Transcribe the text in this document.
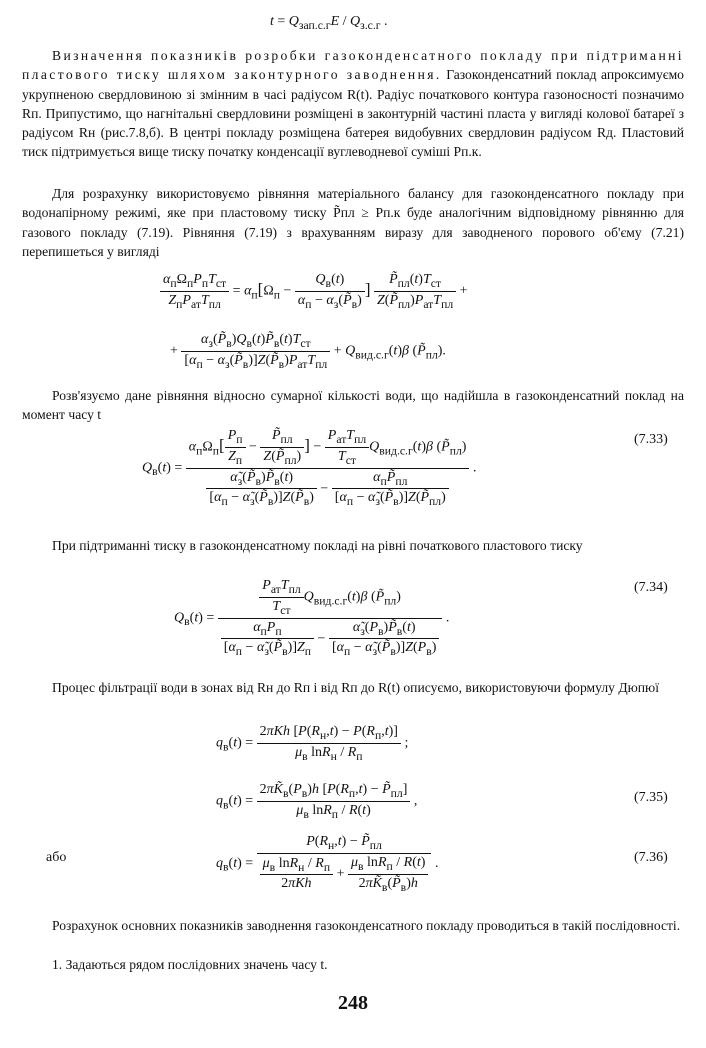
$t = Q_{зап.с.г}E / Q_{з.с.г}$ .

Визначення показників розробки газоконденсатного покладу при підтриманні пластового тиску шляхом законтурного заводнення. Газоконденсатний поклад апроксимуємо укрупненою свердловиною зі змінним в часі радіусом R(t). Радіус початкового контура газоносності позначимо Rп. Припустимо, що нагнітальні свердловини розміщені в законтурній частині пласта у вигляді колової батареї з радіусом Rн (рис.7.8,б). В центрі покладу розміщена батерея видобувних свердловин радіусом Rд. Пластовий тиск підтримується вище тиску початку конденсації вуглеводневої суміші Pп.к.

Для розрахунку використовуємо рівняння матеріального балансу для газоконденсатного покладу при водонапірному режимі, яке при пластовому тиску P̃пл ≥ Pп.к буде аналогічним відповідному рівнянню для газового покладу (7.19). Рівняння (7.19) з врахуванням виразу для заводненого порового об'єму (7.21) перепишеться у вигляді

$\frac{\alpha_п\Omega_пP_пT_{ст}}{Z_пP_{ат}T_{пл}} = \alpha_п[\Omega_п - \frac{Q_в(t)}{\alpha_п - \alpha_з(P̃_в)}$ ] $\frac{P̃_{пл}(t)T_{ст}}{Z(P̃_{пл})P_{ат}T_{пл}}$ +
+ $\frac{\alpha_з(P̃_в)Q_в(t)P̃_в(t)T_{ст}}{[\alpha_п - \alpha_з(P̃_в)]Z(P̃_в)P_{ат}T_{пл}} + Q_{вид.с.г}(t)\beta$ $(P̃_{пл})$.

Розв'язуємо дане рівняння відносно сумарної кількості води, що надійшла в газоконденсатний поклад на момент часу t

$Q_в(t)$ =
$\alpha_п\Omega_п[ \frac{P_п}{Z_п} - \frac{P̃_{пл}}{Z(P̃_{пл})}$ ] − $\frac{P_{ат}T_{пл}}{T_{ст}} Q_{вид.с.г}(t)\beta$ $(P̃_{пл})$
$\frac{\alphã_з(P̃_в)P̃_в(t)}{[\alpha_п - \alphã_з(P̃_в)]Z(P̃_в)} - \frac{\alpha_пP̃_{пл}}{[\alpha_п - \alphã_з(P̃_в)]Z(P̃_{пл})}$
.
(7.33)

При підтриманні тиску в газоконденсатному покладі на рівні початкового пластового тиску

$Q_в(t)$ =
$\frac{P_{ат}T_{пл}}{T_{ст}} Q_{вид.с.г}(t)\beta$ $(P̃_{пл})$
$\frac{\alpha_пP_п}{[\alpha_п - \alphã_з(P̃_в)]Z_п} - \frac{\alphã_з(P_в)P̃_в(t)}{[\alpha_п - \alphã_з(P̃_в)]Z(P_в)}$
.
(7.34)

Процес фільтрації води в зонах від Rн до Rп і від Rп до R(t) описуємо, використовуючи формулу Дюпюї

$q_в(t) = \frac{2\pi Kh [P(R_н,t) - P(R_п,t)]}{\mu_в \ln R_н / R_п}$ ;
$q_в(t) = \frac{2\pi K̃_в(P_в)h [P(R_п,t) - P̃_{пл}]}{\mu_в \ln R_п / R(t)}$ ,	(7.35)
або	$q_в(t) = \frac{P(R_н,t) - P̃_{пл}}{\frac{\mu_в \ln R_н / R_п}{\text{2πKh}} + \frac{\mu_в \ln R_п / R(t)}{2\pi K̃_в(P̃_в)h}}$ .	(7.36)

Розрахунок основних показників заводнення газоконденсатного покладу проводиться в такій послідовності.

1. Задаються рядом послідовних значень часу t.

248
